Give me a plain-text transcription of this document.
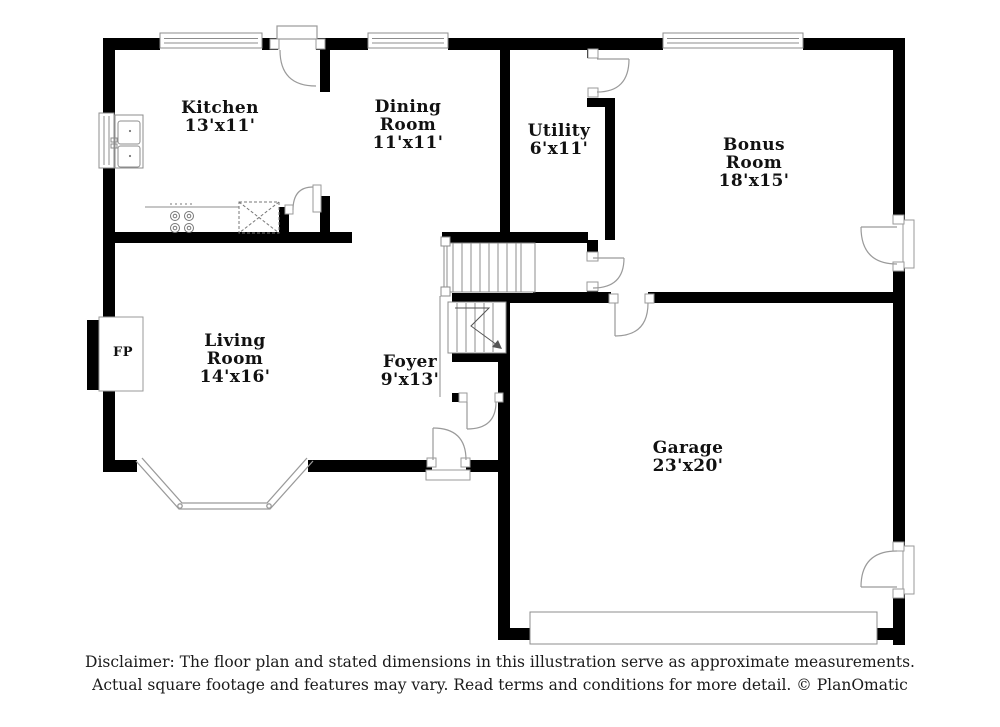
Kitchen
13'x11'
Dining Room
11'x11'
Utility
6'x11'	Bonus Room
18'x15'
Living Room
14'x16'
Foyer
9'x13'
Garage
23'x20'
FP
Disclaimer: The floor plan and stated dimensions in this illustration serve as approximate measurements.
Actual square footage and features may vary. Read terms and conditions for more detail. © PlanOmatic
